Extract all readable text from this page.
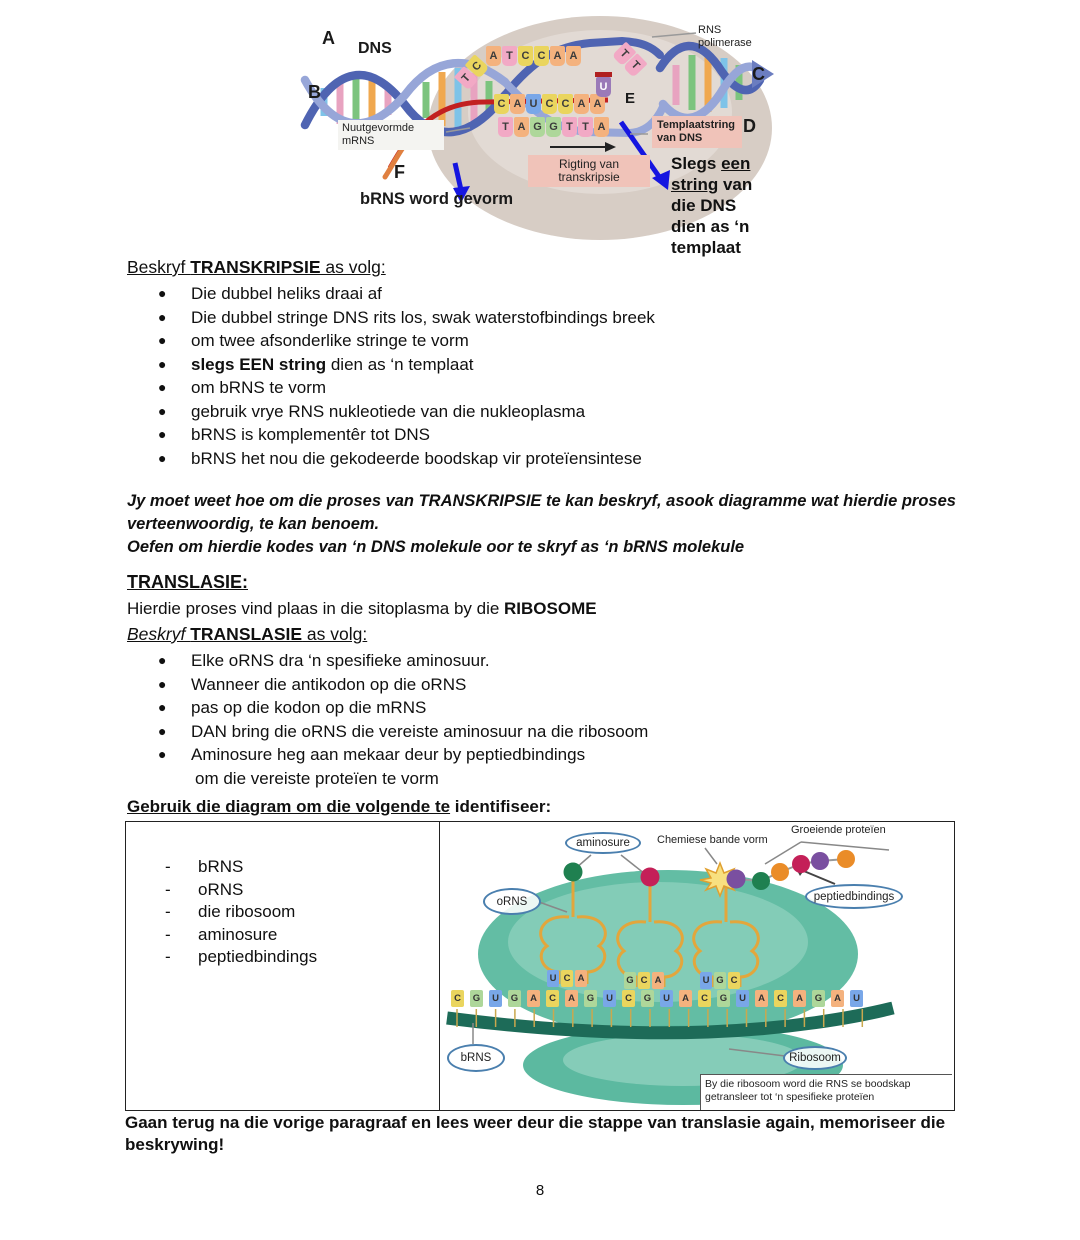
A T C C A A
T
C
T
T
C A U C C A A
U
T A G G T T A
A
DNS
B
C
D
E
F
RNS polimerase
Nuutgevormde mRNS
Templaatstring van DNS
Rigting van transkripsie
bRNS word gevorm
Slegs een
string van
die DNS
dien as ‘n
templaat
Beskryf TRANSKRIPSIE as volg:
●	Die dubbel heliks draai af
●	Die dubbel stringe DNS rits los, swak waterstofbindings breek
●	om twee afsonderlike stringe te vorm
●	slegs EEN string dien as ‘n templaat
●	om bRNS te vorm
●	gebruik vrye RNS nukleotiede van die nukleoplasma
●	bRNS is komplementêr tot DNS
●	bRNS het nou die gekodeerde boodskap vir proteïensintese
Jy moet weet hoe om die proses van TRANSKRIPSIE te kan beskryf, asook diagramme wat hierdie proses verteenwoordig, te kan benoem.
Oefen om hierdie kodes van ‘n DNS molekule oor te skryf as ‘n bRNS molekule
TRANSLASIE:
Hierdie proses vind plaas in die sitoplasma by die RIBOSOME
Beskryf TRANSLASIE as volg:
●	Elke oRNS dra ‘n spesifieke aminosuur.
●	Wanneer die antikodon op die oRNS
●	pas op die kodon op die mRNS
●	DAN bring die oRNS die vereiste aminosuur na die ribosoom
●	Aminosure heg aan mekaar deur by peptiedbindings
om die vereiste proteïen te vorm
Gebruik die diagram om die volgende te identifiseer:
-	bRNS
-	oRNS
-	die ribosoom
-	aminosure
-	peptiedbindings
aminosure Chemiese bande vorm
Groeiende proteïen
oRNS	peptiedbindings
bRNS	Ribosoom
U C A	G C A	U G C
C	G	U	G	A	C	A	G	U	C	G	U	A	C	G	U	A	C	A	G	A	U
By die ribosoom word die RNS se boodskap getransleer tot ‘n spesifieke proteïen
Gaan terug na die vorige paragraaf en lees weer deur die stappe van translasie again, memoriseer die beskrywing!
8
